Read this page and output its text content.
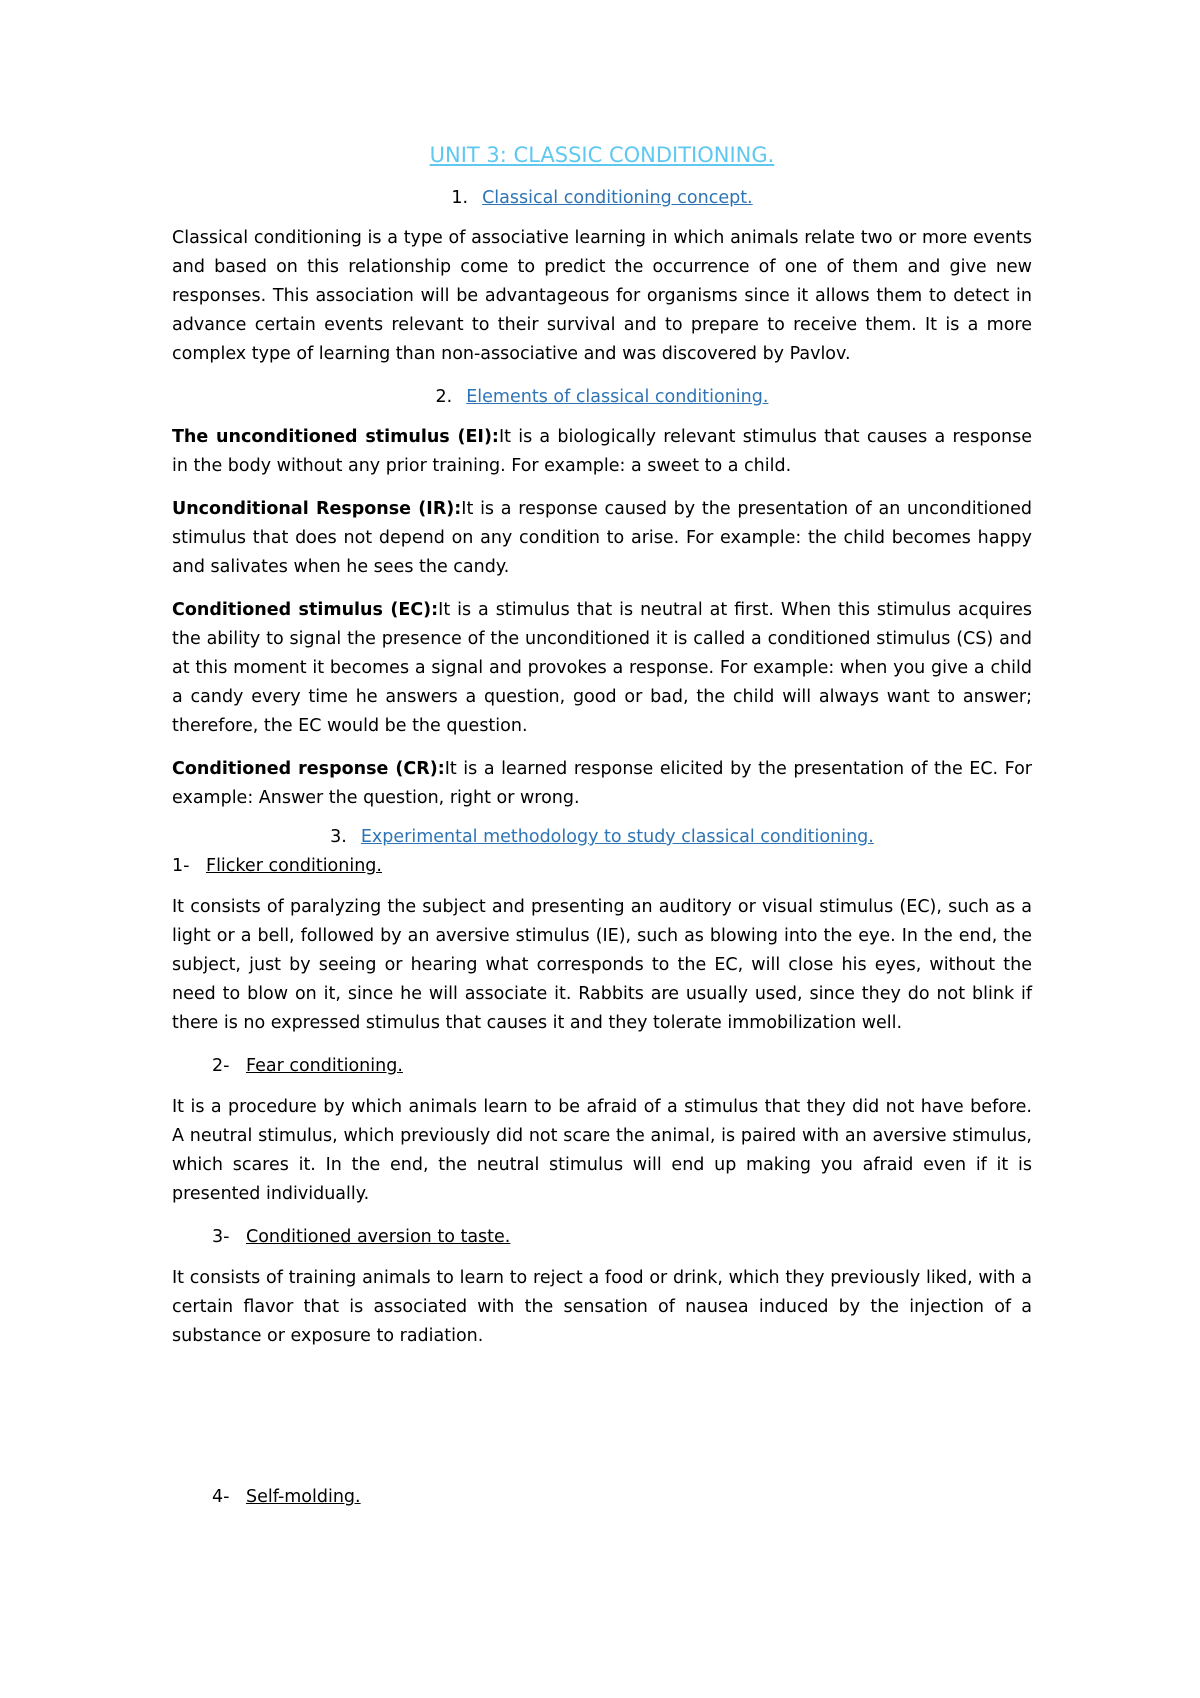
UNIT 3: CLASSIC CONDITIONING.
1. Classical conditioning concept.

Classical conditioning is a type of associative learning in which animals relate two or more events and based on this relationship come to predict the occurrence of one of them and give new responses. This association will be advantageous for organisms since it allows them to detect in advance certain events relevant to their survival and to prepare to receive them. It is a more complex type of learning than non-associative and was discovered by Pavlov.

2. Elements of classical conditioning.

The unconditioned stimulus (EI):It is a biologically relevant stimulus that causes a response in the body without any prior training. For example: a sweet to a child.

Unconditional Response (IR):It is a response caused by the presentation of an unconditioned stimulus that does not depend on any condition to arise. For example: the child becomes happy and salivates when he sees the candy.

Conditioned stimulus (EC):It is a stimulus that is neutral at first. When this stimulus acquires the ability to signal the presence of the unconditioned it is called a conditioned stimulus (CS) and at this moment it becomes a signal and provokes a response. For example: when you give a child a candy every time he answers a question, good or bad, the child will always want to answer; therefore, the EC would be the question.

Conditioned response (CR):It is a learned response elicited by the presentation of the EC. For example: Answer the question, right or wrong.

3. Experimental methodology to study classical conditioning.
1- Flicker conditioning.

It consists of paralyzing the subject and presenting an auditory or visual stimulus (EC), such as a light or a bell, followed by an aversive stimulus (IE), such as blowing into the eye. In the end, the subject, just by seeing or hearing what corresponds to the EC, will close his eyes, without the need to blow on it, since he will associate it. Rabbits are usually used, since they do not blink if there is no expressed stimulus that causes it and they tolerate immobilization well.

2- Fear conditioning.

It is a procedure by which animals learn to be afraid of a stimulus that they did not have before. A neutral stimulus, which previously did not scare the animal, is paired with an aversive stimulus, which scares it. In the end, the neutral stimulus will end up making you afraid even if it is presented individually.

3- Conditioned aversion to taste.

It consists of training animals to learn to reject a food or drink, which they previously liked, with a certain flavor that is associated with the sensation of nausea induced by the injection of a substance or exposure to radiation.

4- Self-molding.
